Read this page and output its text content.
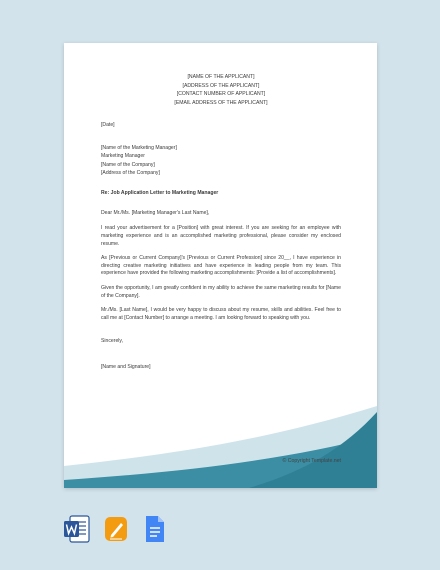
[NAME OF THE APPLICANT]
[ADDRESS OF THE APPLICANT]
[CONTACT NUMBER OF APPLICANT]
[EMAIL ADDRESS OF THE APPLICANT]
[Date]
[Name of the Marketing Manager]
Marketing Manager
[Name of the Company]
[Address of the Company]
Re: Job Application Letter to Marketing Manager
Dear Mr./Ms. [Marketing Manager's Last Name],
I read your advertisement for a [Position] with great interest. If you are seeking for an employee with marketing experience and is an accomplished marketing professional, please consider my enclosed resume.
As [Previous or Current Company]'s [Previous or Current Profession] since 20__, I have experience in directing creative marketing initiatives and have experience in leading people from my team. This experience have provided the following marketing accomplishments: [Provide a list of accomplishments].
Given the opportunity, I am greatly confident in my ability to achieve the same marketing results for [Name of the Company].
Mr./Ms. [Last Name], I would be very happy to discuss about my resume, skills and abilities. Feel free to call me at [Contact Number] to arrange a meeting. I am looking forward to speaking with you.
Sincerely,
[Name and Signature]
© Copyright Template.net
